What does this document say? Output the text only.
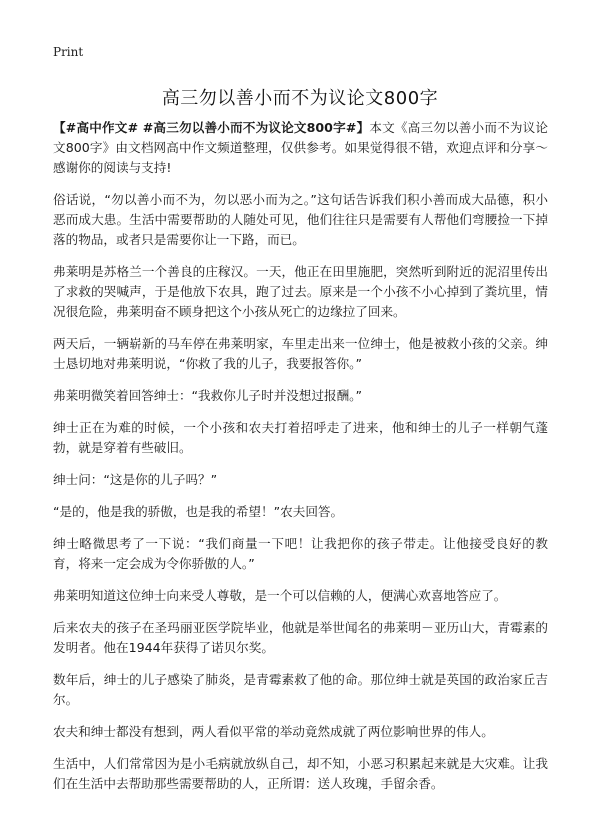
Print
高三勿以善小而不为议论文800字

【#高中作文# #高三勿以善小而不为议论文800字#】本文《高三勿以善小而不为议论文800字》由文档网高中作文频道整理，仅供参考。如果觉得很不错，欢迎点评和分享～感谢你的阅读与支持!

俗话说，“勿以善小而不为，勿以恶小而为之。”这句话告诉我们积小善而成大品德，积小恶而成大患。生活中需要帮助的人随处可见，他们往往只是需要有人帮他们弯腰捡一下掉落的物品，或者只是需要你让一下路，而已。

弗莱明是苏格兰一个善良的庄稼汉。一天，他正在田里施肥，突然听到附近的泥沼里传出了求救的哭喊声，于是他放下农具，跑了过去。原来是一个小孩不小心掉到了粪坑里，情况很危险，弗莱明奋不顾身把这个小孩从死亡的边缘拉了回来。

两天后，一辆崭新的马车停在弗莱明家，车里走出来一位绅士，他是被救小孩的父亲。绅士恳切地对弗莱明说，“你救了我的儿子，我要报答你。”

弗莱明微笑着回答绅士：“我救你儿子时并没想过报酬。”

绅士正在为难的时候，一个小孩和农夫打着招呼走了进来，他和绅士的儿子一样朝气蓬勃，就是穿着有些破旧。

绅士问：“这是你的儿子吗？”

“是的，他是我的骄傲，也是我的希望！”农夫回答。

绅士略微思考了一下说：“我们商量一下吧！让我把你的孩子带走。让他接受良好的教育，将来一定会成为令你骄傲的人。”

弗莱明知道这位绅士向来受人尊敬，是一个可以信赖的人，便满心欢喜地答应了。

后来农夫的孩子在圣玛丽亚医学院毕业，他就是举世闻名的弗莱明－亚历山大，青霉素的发明者。他在1944年获得了诺贝尔奖。

数年后，绅士的儿子感染了肺炎，是青霉素救了他的命。那位绅士就是英国的政治家丘吉尔。

农夫和绅士都没有想到，两人看似平常的举动竟然成就了两位影响世界的伟人。

生活中，人们常常因为是小毛病就放纵自己，却不知，小恶习积累起来就是大灾难。让我们在生活中去帮助那些需要帮助的人，正所谓：送人玫瑰，手留余香。
